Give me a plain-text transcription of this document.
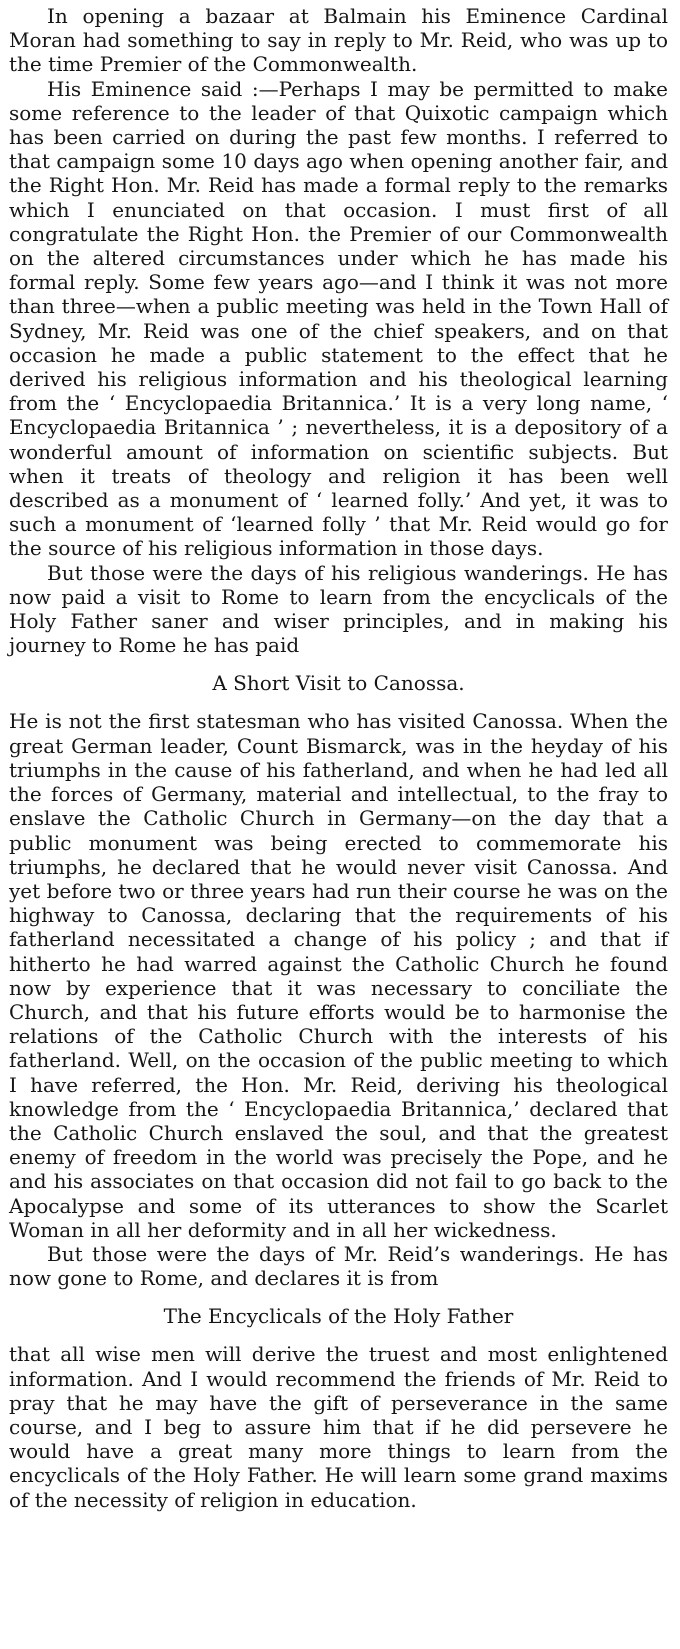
In opening a bazaar at Balmain his Eminence Cardinal Moran had something to say in reply to Mr. Reid, who was up to the time Premier of the Commonwealth.

His Eminence said :—Perhaps I may be permitted to make some reference to the leader of that Quixotic campaign which has been carried on during the past few months. I referred to that campaign some 10 days ago when opening another fair, and the Right Hon. Mr. Reid has made a formal reply to the remarks which I enunciated on that occasion. I must first of all congratulate the Right Hon. the Premier of our Commonwealth on the altered circumstances under which he has made his formal reply. Some few years ago—and I think it was not more than three—when a public meeting was held in the Town Hall of Sydney, Mr. Reid was one of the chief speakers, and on that occasion he made a public statement to the effect that he derived his religious information and his theological learning from the ‘ Encyclopaedia Britannica.’ It is a very long name, ‘ Encyclopaedia Britannica ’ ; nevertheless, it is a depository of a wonderful amount of information on scientific subjects. But when it treats of theology and religion it has been well described as a monument of ‘ learned folly.’ And yet, it was to such a monument of ‘learned folly ’ that Mr. Reid would go for the source of his religious information in those days.

But those were the days of his religious wanderings. He has now paid a visit to Rome to learn from the encyclicals of the Holy Father saner and wiser principles, and in making his journey to Rome he has paid

A Short Visit to Canossa.

He is not the first statesman who has visited Canossa. When the great German leader, Count Bismarck, was in the heyday of his triumphs in the cause of his fatherland, and when he had led all the forces of Germany, material and intellectual, to the fray to enslave the Catholic Church in Germany—on the day that a public monument was being erected to commemorate his triumphs, he declared that he would never visit Canossa. And yet before two or three years had run their course he was on the highway to Canossa, declaring that the requirements of his fatherland necessitated a change of his policy ; and that if hitherto he had warred against the Catholic Church he found now by experience that it was necessary to conciliate the Church, and that his future efforts would be to harmonise the relations of the Catholic Church with the interests of his fatherland. Well, on the occasion of the public meeting to which I have referred, the Hon. Mr. Reid, deriving his theological knowledge from the ‘ Encyclopaedia Britannica,’ declared that the Catholic Church enslaved the soul, and that the greatest enemy of freedom in the world was precisely the Pope, and he and his associates on that occasion did not fail to go back to the Apocalypse and some of its utterances to show the Scarlet Woman in all her deformity and in all her wickedness.

But those were the days of Mr. Reid’s wanderings. He has now gone to Rome, and declares it is from

The Encyclicals of the Holy Father

that all wise men will derive the truest and most enlightened information. And I would recommend the friends of Mr. Reid to pray that he may have the gift of perseverance in the same course, and I beg to assure him that if he did persevere he would have a great many more things to learn from the encyclicals of the Holy Father. He will learn some grand maxims of the necessity of religion in education.
